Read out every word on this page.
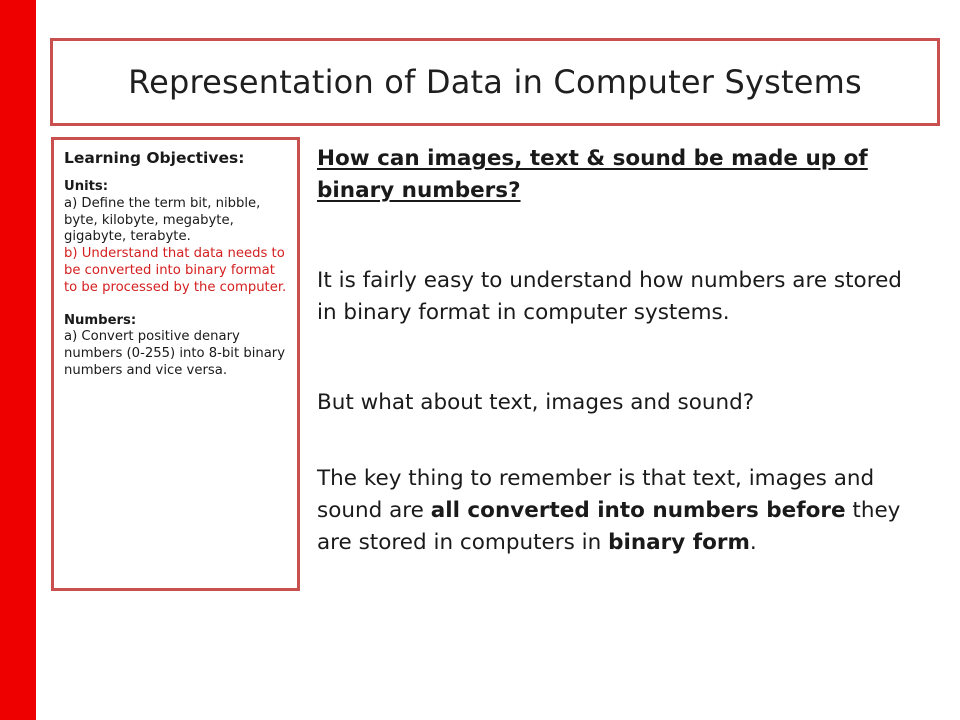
Representation of Data in Computer Systems

Learning Objectives:

Units:

a) Define the term bit, nibble, byte, kilobyte, megabyte, gigabyte, terabyte.

b) Understand that data needs to be converted into binary format to be processed by the computer.

Numbers:

a) Convert positive denary numbers (0-255) into 8-bit binary numbers and vice versa.

How can images, text & sound be made up of binary numbers?

It is fairly easy to understand how numbers are stored in binary format in computer systems.

But what about text, images and sound?

The key thing to remember is that text, images and sound are all converted into numbers before they are stored in computers in binary form.
